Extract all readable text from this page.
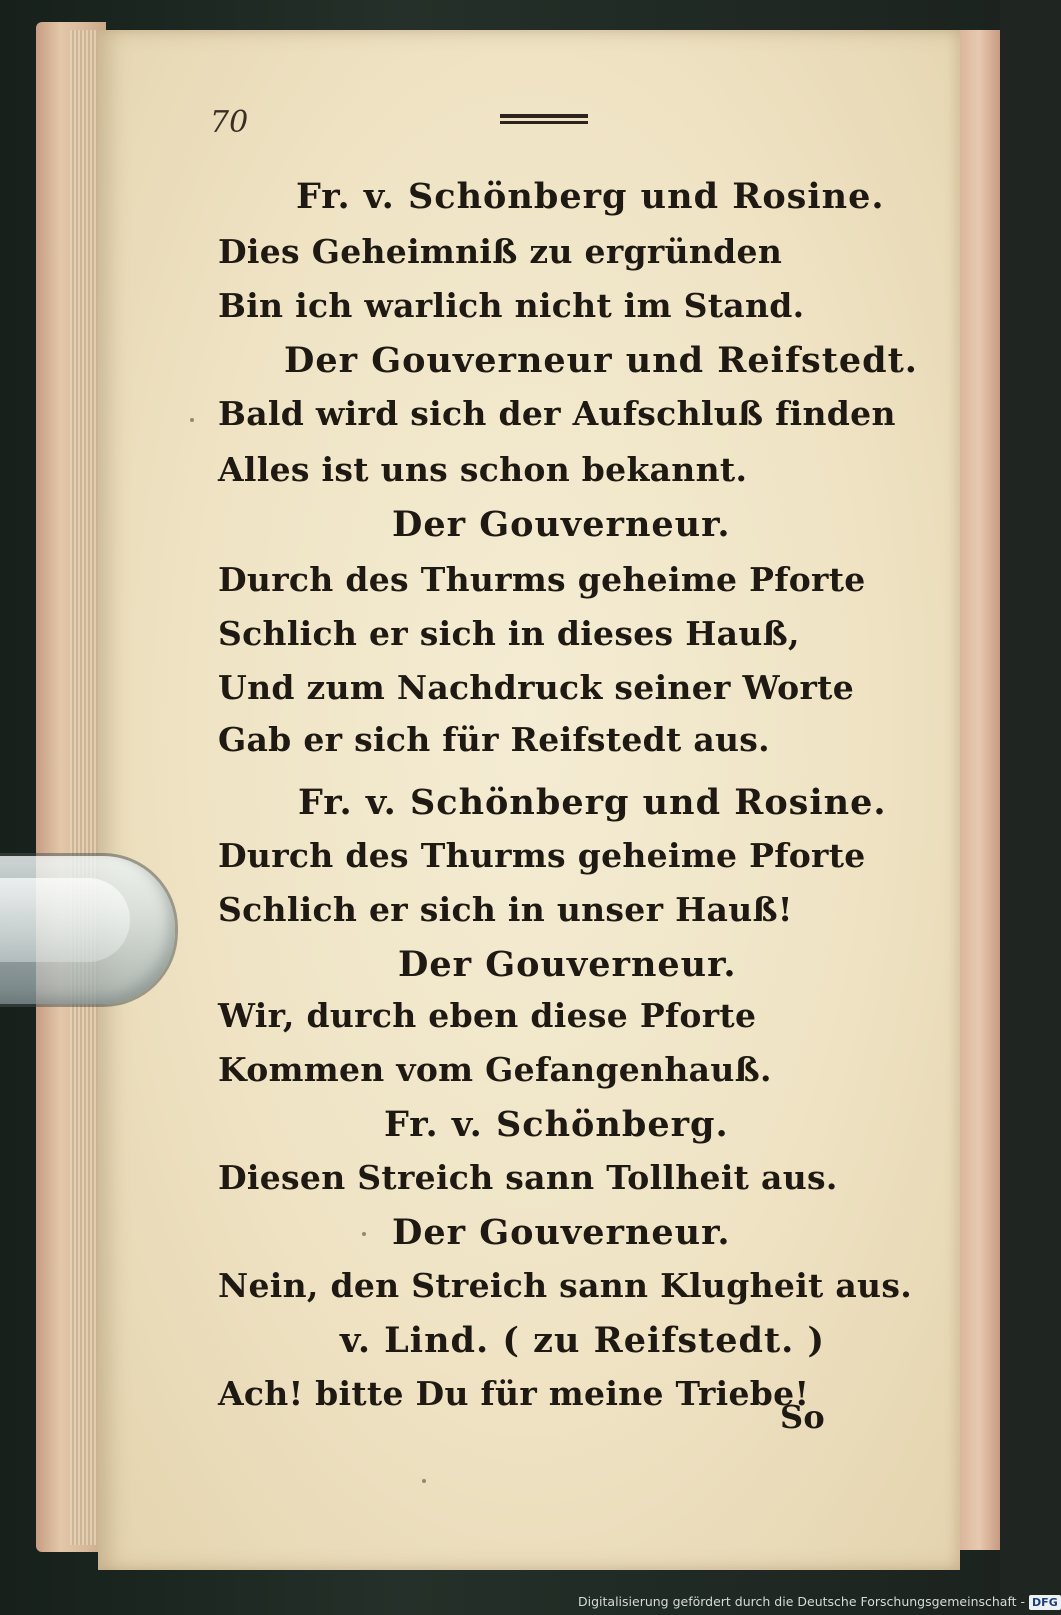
70
Fr. v. Schönberg und Rosine.
Dies Geheimniß zu ergründen
Bin ich warlich nicht im Stand.
Der Gouverneur und Reifstedt.
Bald wird sich der Aufschluß finden
Alles ist uns schon bekannt.
Der Gouverneur.
Durch des Thurms geheime Pforte
Schlich er sich in dieses Hauß,
Und zum Nachdruck seiner Worte
Gab er sich für Reifstedt aus.
Fr. v. Schönberg und Rosine.
Durch des Thurms geheime Pforte
Schlich er sich in unser Hauß!
Der Gouverneur.
Wir, durch eben diese Pforte
Kommen vom Gefangenhauß.
Fr. v. Schönberg.
Diesen Streich sann Tollheit aus.
Der Gouverneur.
Nein, den Streich sann Klugheit aus.
v. Lind. ( zu Reifstedt. )
Ach! bitte Du für meine Triebe!
So
Digitalisierung gefördert durch die Deutsche Forschungsgemeinschaft - DFG
